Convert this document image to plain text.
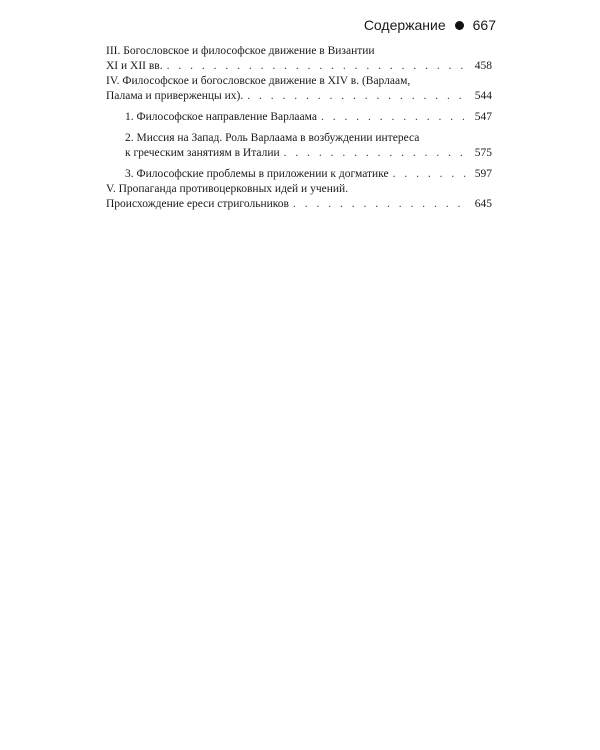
Содержание 667
III. Богословское и философское движение в Византии
XI и XII вв. . . .	458
IV. Философское и богословское движение в XIV в. (Варлаам,
Палама и приверженцы их). . . .	544
1. Философское направление Варлаама . . .	547
2. Миссия на Запад. Роль Варлаама в возбуждении интереса
к греческим занятиям в Италии . . .	575
3. Философские проблемы в приложении к догматике . . .	597
V. Пропаганда противоцерковных идей и учений.
Происхождение ереси стригольников . . .	645
